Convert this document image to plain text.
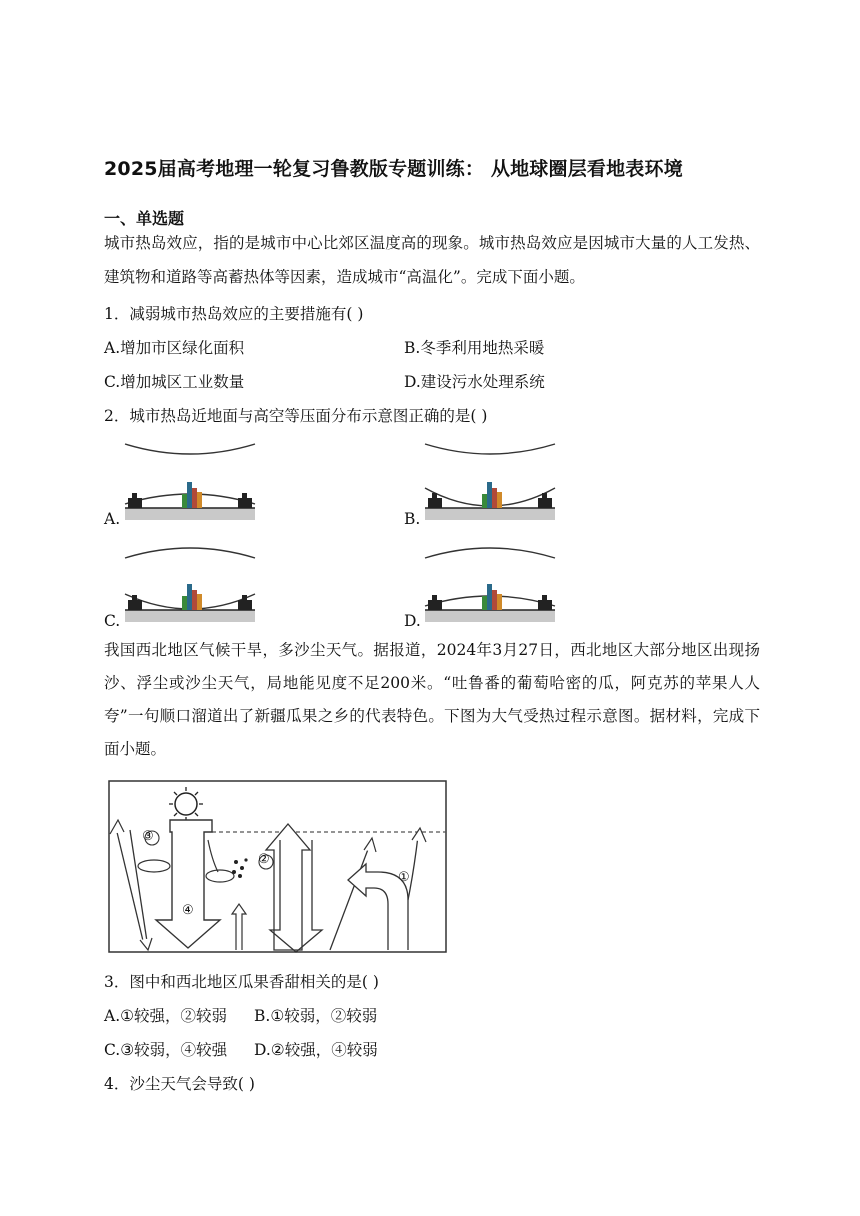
2025届高考地理一轮复习鲁教版专题训练： 从地球圈层看地表环境
一、单选题
城市热岛效应，指的是城市中心比郊区温度高的现象。城市热岛效应是因城市大量的人工发热、建筑物和道路等高蓄热体等因素，造成城市“高温化”。完成下面小题。
1．减弱城市热岛效应的主要措施有( )
A.增加市区绿化面积	B.冬季利用地热采暖
C.增加城区工业数量	D.建设污水处理系统
2．城市热岛近地面与高空等压面分布示意图正确的是( )
A.	B.
C.	D.
我国西北地区气候干旱，多沙尘天气。据报道，2024年3月27日，西北地区大部分地区出现扬沙、浮尘或沙尘天气，局地能见度不足200米。“吐鲁番的葡萄哈密的瓜，阿克苏的苹果人人夸”一句顺口溜道出了新疆瓜果之乡的代表特色。下图为大气受热过程示意图。据材料，完成下面小题。
③
②
④
①
3．图中和西北地区瓜果香甜相关的是( )
A.①较强，②较弱 B.①较弱，②较弱
C.③较弱，④较强 D.②较强，④较弱
4．沙尘天气会导致( )
